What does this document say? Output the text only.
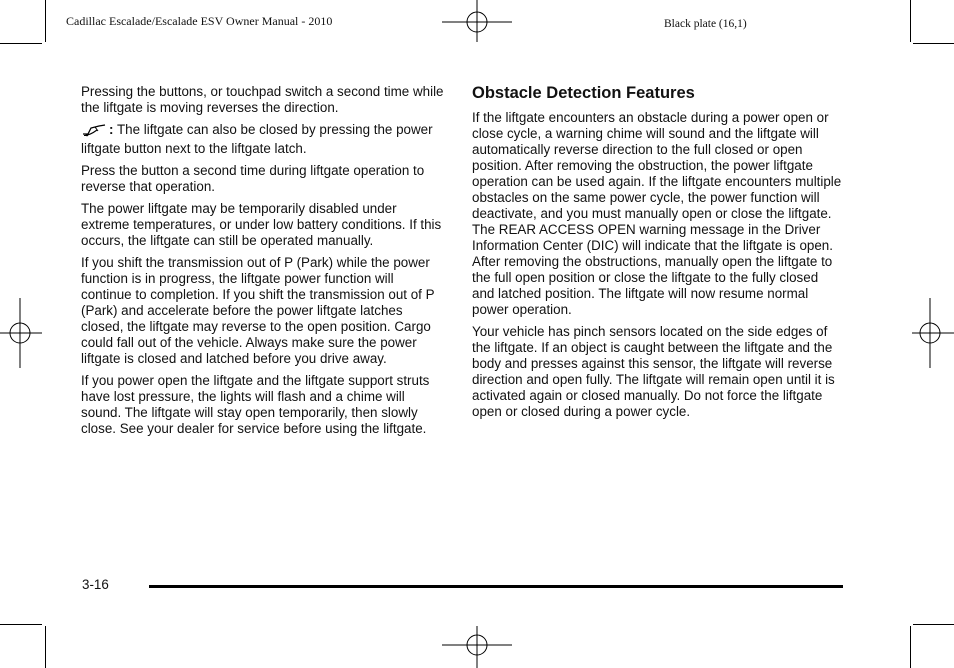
Cadillac Escalade/Escalade ESV Owner Manual - 2010	Black plate (16,1)

Pressing the buttons, or touchpad switch a second time while the liftgate is moving reverses the direction.

: The liftgate can also be closed by pressing the power liftgate button next to the liftgate latch.

Press the button a second time during liftgate operation to reverse that operation.

The power liftgate may be temporarily disabled under extreme temperatures, or under low battery conditions. If this occurs, the liftgate can still be operated manually.

If you shift the transmission out of P (Park) while the power function is in progress, the liftgate power function will continue to completion. If you shift the transmission out of P (Park) and accelerate before the power liftgate latches closed, the liftgate may reverse to the open position. Cargo could fall out of the vehicle. Always make sure the power liftgate is closed and latched before you drive away.

If you power open the liftgate and the liftgate support struts have lost pressure, the lights will flash and a chime will sound. The liftgate will stay open temporarily, then slowly close. See your dealer for service before using the liftgate.

Obstacle Detection Features

If the liftgate encounters an obstacle during a power open or close cycle, a warning chime will sound and the liftgate will automatically reverse direction to the full closed or open position. After removing the obstruction, the power liftgate operation can be used again. If the liftgate encounters multiple obstacles on the same power cycle, the power function will deactivate, and you must manually open or close the liftgate. The REAR ACCESS OPEN warning message in the Driver Information Center (DIC) will indicate that the liftgate is open. After removing the obstructions, manually open the liftgate to the full open position or close the liftgate to the fully closed and latched position. The liftgate will now resume normal power operation.

Your vehicle has pinch sensors located on the side edges of the liftgate. If an object is caught between the liftgate and the body and presses against this sensor, the liftgate will reverse direction and open fully. The liftgate will remain open until it is activated again or closed manually. Do not force the liftgate open or closed during a power cycle.

3-16
